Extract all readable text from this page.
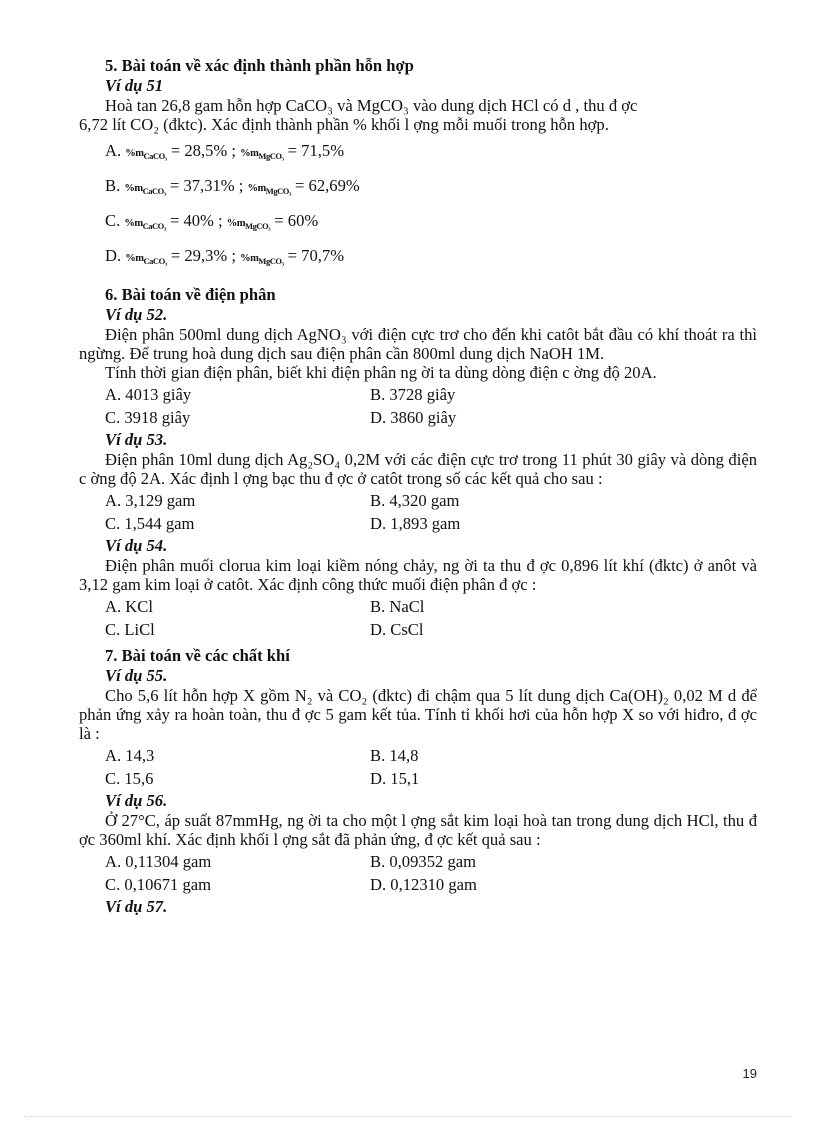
5. Bài toán về xác định thành phần hỗn hợp
Ví dụ 51

Hoà tan 26,8 gam hỗn hợp CaCO₃ và MgCO₃ vào dung dịch HCl có d , thu đ ợc

6,72 lít CO₂ (đktc). Xác định thành phần % khối l ợng mỗi muối trong hỗn hợp.

A. $\%m_{CaCO_3} = 28,5\%$ ; $\%m_{MgCO_3} = 71,5\%$
B. $\%m_{CaCO_3} = 37,31\%$ ; $\%m_{MgCO_3} = 62,69\%$
C. $\%m_{CaCO_3} = 40\%$ ; $\%m_{MgCO_3} = 60\%$
D. $\%m_{CaCO_3} = 29,3\%$ ; $\%m_{MgCO_3} = 70,7\%$
6. Bài toán về điện phân
Ví dụ 52.

Điện phân 500ml dung dịch AgNO₃ với điện cực trơ cho đến khi catôt bắt đầu có khí thoát ra thì ngừng. Để trung hoà dung dịch sau điện phân cần 800ml dung dịch NaOH 1M.

Tính thời gian điện phân, biết khi điện phân ng ời ta dùng dòng điện c ờng độ 20A.

A. 4013 giây	B. 3728 giây
C. 3918 giây	D. 3860 giây
Ví dụ 53.

Điện phân 10ml dung dịch Ag₂SO₄ 0,2M với các điện cực trơ trong 11 phút 30 giây và dòng điện c ờng độ 2A. Xác định l ợng bạc thu đ ợc ở catôt trong số các kết quả cho sau :

A. 3,129 gam	B. 4,320 gam
C. 1,544 gam	D. 1,893 gam
Ví dụ 54.

Điện phân muối clorua kim loại kiềm nóng chảy, ng ời ta thu đ ợc 0,896 lít khí (đktc) ở anôt và 3,12 gam kim loại ở catôt. Xác định công thức muối điện phân đ ợc :

A. KCl	B. NaCl
C. LiCl	D. CsCl
7. Bài toán về các chất khí
Ví dụ 55.

Cho 5,6 lít hỗn hợp X gồm N₂ và CO₂ (đktc) đi chậm qua 5 lít dung dịch Ca(OH)₂ 0,02 M d để phản ứng xảy ra hoàn toàn, thu đ ợc 5 gam kết tủa. Tính tỉ khối hơi của hỗn hợp X so với hiđro, đ ợc là :

A. 14,3	B. 14,8
C. 15,6	D. 15,1
Ví dụ 56.

Ở 27°C, áp suất 87mmHg, ng ời ta cho một l ợng sắt kim loại hoà tan trong dung dịch HCl, thu đ ợc 360ml khí. Xác định khối l ợng sắt đã phản ứng, đ ợc kết quả sau :

A. 0,11304 gam	B. 0,09352 gam
C. 0,10671 gam	D. 0,12310 gam
Ví dụ 57.
19
